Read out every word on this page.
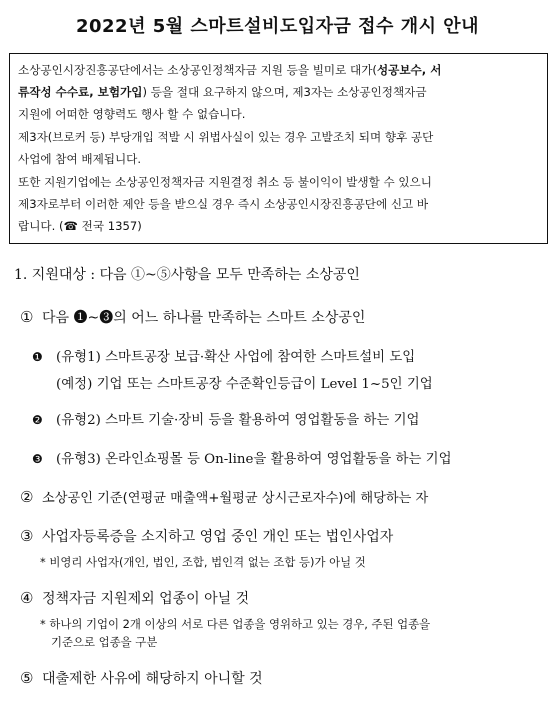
2022년 5월 스마트설비도입자금 접수 개시 안내

소상공인시장진흥공단에서는 소상공인정책자금 지원 등을 빌미로 대가(성공보수, 서
류작성 수수료, 보험가입) 등을 절대 요구하지 않으며, 제3자는 소상공인정책자금
지원에 어떠한 영향력도 행사 할 수 없습니다.

제3자(브로커 등) 부당개입 적발 시 위법사실이 있는 경우 고발조치 되며 향후 공단
사업에 참여 배제됩니다.

또한 지원기업에는 소상공인정책자금 지원결정 취소 등 불이익이 발생할 수 있으니
제3자로부터 이러한 제안 등을 받으실 경우 즉시 소상공인시장진흥공단에 신고 바
랍니다. (☎ 전국 1357)

1. 지원대상 : 다음 ①~⑤사항을 모두 만족하는 소상공인
① 다음 ❶~❸의 어느 하나를 만족하는 스마트 소상공인
❶ (유형1) 스마트공장 보급·확산 사업에 참여한 스마트설비 도입
(예정) 기업 또는 스마트공장 수준확인등급이 Level 1~5인 기업
❷ (유형2) 스마트 기술·장비 등을 활용하여 영업활동을 하는 기업
❸ (유형3) 온라인쇼핑몰 등 On-line을 활용하여 영업활동을 하는 기업
② 소상공인 기준(연평균 매출액+월평균 상시근로자수)에 해당하는 자
③ 사업자등록증을 소지하고 영업 중인 개인 또는 법인사업자
* 비영리 사업자(개인, 법인, 조합, 법인격 없는 조합 등)가 아닐 것
④ 정책자금 지원제외 업종이 아닐 것
* 하나의 기업이 2개 이상의 서로 다른 업종을 영위하고 있는 경우, 주된 업종을
기준으로 업종을 구분
⑤ 대출제한 사유에 해당하지 아니할 것
